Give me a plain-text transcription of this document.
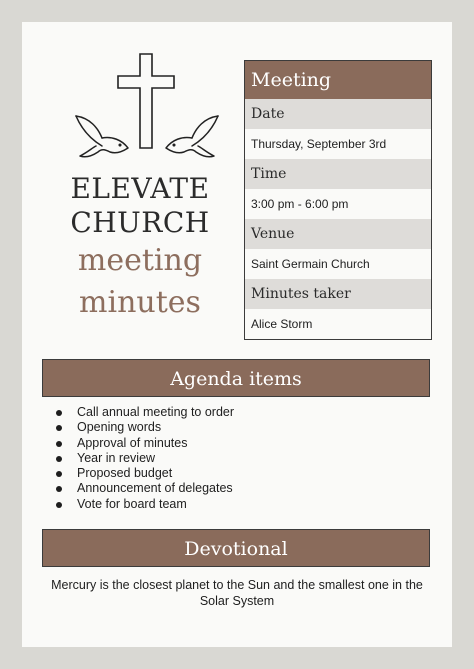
ELEVATE
CHURCH
meeting
minutes
Meeting
Date
Thursday, September 3rd
Time
3:00 pm - 6:00 pm
Venue
Saint Germain Church
Minutes taker
Alice Storm
Agenda items
Call annual meeting to order
Opening words
Approval of minutes
Year in review
Proposed budget
Announcement of delegates
Vote for board team
Devotional
Mercury is the closest planet to the Sun and the smallest one in the Solar System
